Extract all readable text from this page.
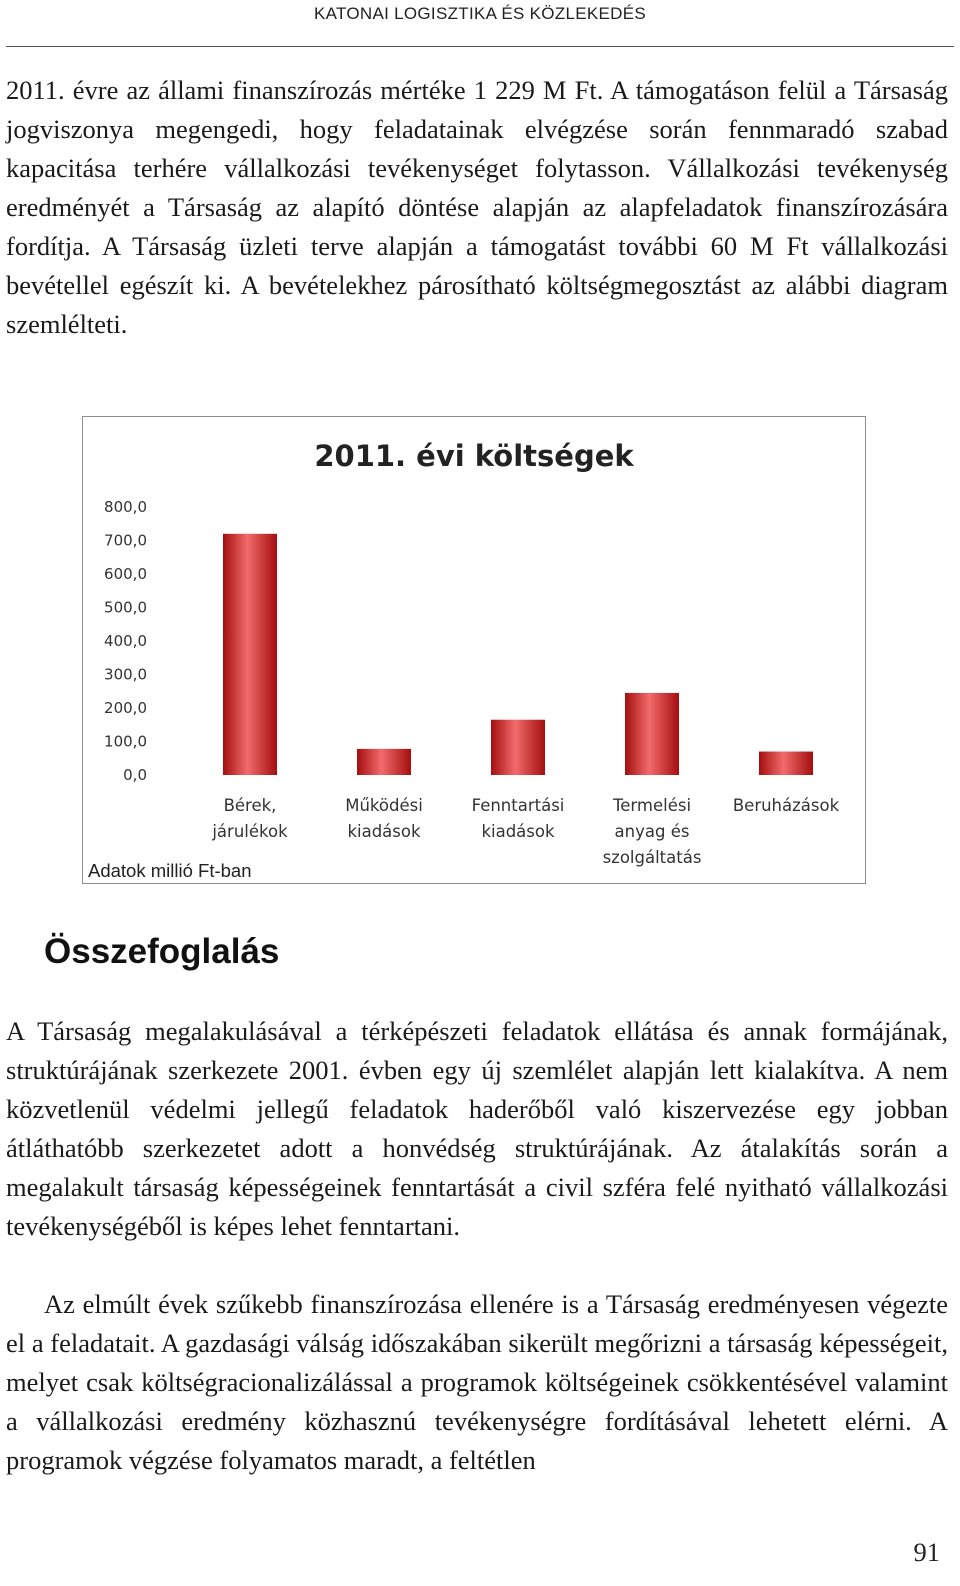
KATONAI LOGISZTIKA ÉS KÖZLEKEDÉS

2011. évre az állami finanszírozás mértéke 1 229 M Ft. A támogatáson felül a Társaság jogviszonya megengedi, hogy feladatainak elvégzése során fennmaradó szabad kapacitása terhére vállalkozási tevékenységet folytasson. Vállalkozási tevékenység eredményét a Társaság az alapító döntése alapján az alapfeladatok finanszírozására fordítja. A Társaság üzleti terve alapján a támogatást további 60 M Ft vállalkozási bevétellel egészít ki. A bevételekhez párosítható költségmegosztást az alábbi diagram szemlélteti.

2011. évi költségek
0,0
100,0
200,0
300,0
400,0
500,0
600,0
700,0
800,0
Bérek, járulékok
Működési kiadások
Fenntartási kiadások
Termelési anyag és szolgáltatás
Beruházások
Adatok millió Ft-ban
Összefoglalás

A Társaság megalakulásával a térképészeti feladatok ellátása és annak formájának, struktúrájának szerkezete 2001. évben egy új szemlélet alapján lett kialakítva. A nem közvetlenül védelmi jellegű feladatok haderőből való kiszervezése egy jobban átláthatóbb szerkezetet adott a honvédség struktúrájának. Az átalakítás során a megalakult társaság képességeinek fenntartását a civil szféra felé nyitható vállalkozási tevékenységéből is képes lehet fenntartani.

Az elmúlt évek szűkebb finanszírozása ellenére is a Társaság eredményesen végezte el a feladatait. A gazdasági válság időszakában sikerült megőrizni a társaság képességeit, melyet csak költségracionalizálással a programok költségeinek csökkentésével valamint a vállalkozási eredmény közhasznú tevékenységre fordításával lehetett elérni. A programok végzése folyamatos maradt, a feltétlen

91
